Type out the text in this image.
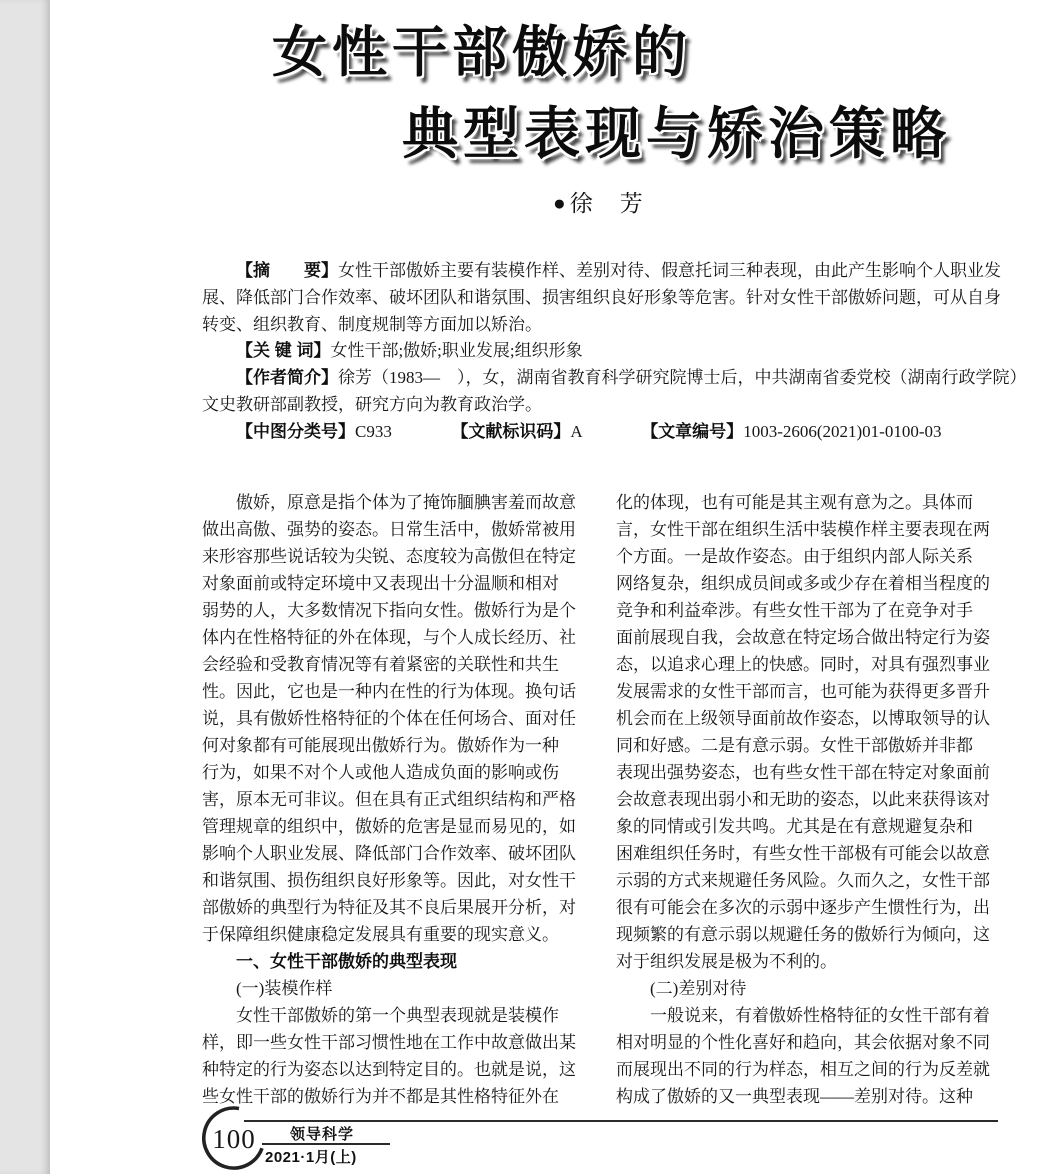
女性干部傲娇的
典型表现与矫治策略
●徐　芳
【摘　　要】女性干部傲娇主要有装模作样、差别对待、假意托词三种表现，由此产生影响个人职业发
展、降低部门合作效率、破坏团队和谐氛围、损害组织良好形象等危害。针对女性干部傲娇问题，可从自身
转变、组织教育、制度规制等方面加以矫治。
【关 键 词】女性干部;傲娇;职业发展;组织形象
【作者简介】徐芳（1983—　），女，湖南省教育科学研究院博士后，中共湖南省委党校（湖南行政学院）
文史教研部副教授，研究方向为教育政治学。
【中图分类号】C933　　　　【文献标识码】A　　　　【文章编号】1003-2606(2021)01-0100-03
傲娇，原意是指个体为了掩饰腼腆害羞而故意
做出高傲、强势的姿态。日常生活中，傲娇常被用
来形容那些说话较为尖锐、态度较为高傲但在特定
对象面前或特定环境中又表现出十分温顺和相对
弱势的人，大多数情况下指向女性。傲娇行为是个
体内在性格特征的外在体现，与个人成长经历、社
会经验和受教育情况等有着紧密的关联性和共生
性。因此，它也是一种内在性的行为体现。换句话
说，具有傲娇性格特征的个体在任何场合、面对任
何对象都有可能展现出傲娇行为。傲娇作为一种
行为，如果不对个人或他人造成负面的影响或伤
害，原本无可非议。但在具有正式组织结构和严格
管理规章的组织中，傲娇的危害是显而易见的，如
影响个人职业发展、降低部门合作效率、破坏团队
和谐氛围、损伤组织良好形象等。因此，对女性干
部傲娇的典型行为特征及其不良后果展开分析，对
于保障组织健康稳定发展具有重要的现实意义。
一、女性干部傲娇的典型表现
(一)装模作样
女性干部傲娇的第一个典型表现就是装模作
样，即一些女性干部习惯性地在工作中故意做出某
种特定的行为姿态以达到特定目的。也就是说，这
些女性干部的傲娇行为并不都是其性格特征外在
化的体现，也有可能是其主观有意为之。具体而
言，女性干部在组织生活中装模作样主要表现在两
个方面。一是故作姿态。由于组织内部人际关系
网络复杂，组织成员间或多或少存在着相当程度的
竞争和利益牵涉。有些女性干部为了在竞争对手
面前展现自我，会故意在特定场合做出特定行为姿
态，以追求心理上的快感。同时，对具有强烈事业
发展需求的女性干部而言，也可能为获得更多晋升
机会而在上级领导面前故作姿态，以博取领导的认
同和好感。二是有意示弱。女性干部傲娇并非都
表现出强势姿态，也有些女性干部在特定对象面前
会故意表现出弱小和无助的姿态，以此来获得该对
象的同情或引发共鸣。尤其是在有意规避复杂和
困难组织任务时，有些女性干部极有可能会以故意
示弱的方式来规避任务风险。久而久之，女性干部
很有可能会在多次的示弱中逐步产生惯性行为，出
现频繁的有意示弱以规避任务的傲娇行为倾向，这
对于组织发展是极为不利的。
(二)差别对待
一般说来，有着傲娇性格特征的女性干部有着
相对明显的个性化喜好和趋向，其会依据对象不同
而展现出不同的行为样态，相互之间的行为反差就
构成了傲娇的又一典型表现——差别对待。这种
100	领导科学
2021·1月(上)
